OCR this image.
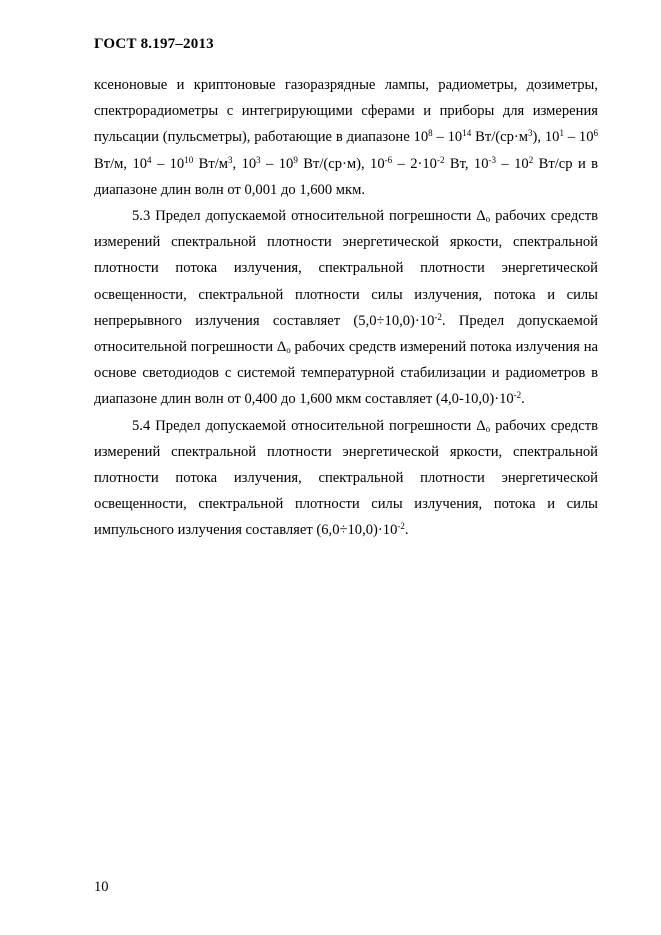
ГОСТ 8.197–2013

ксеноновые и криптоновые газоразрядные лампы, радиометры, дозиметры, спектрорадиометры с интегрирующими сферами и приборы для измерения пульсации (пульсметры), работающие в диапазоне $10^8 - 10^{14}$ $Вт/(ср\cdot м^3)$, $10^1 - 10^6$ Вт/м, $10^4 - 10^{10}$ $Вт/м^3$, $10^3 - 10^9$ Вт/(ср·м), $10^{-6} - 2\cdot 10^{-2}$ Вт, $10^{-3} - 10^2$ Вт/ср и в диапазоне длин волн от 0,001 до 1,600 мкм.

5.3 Предел допускаемой относительной погрешности $\Delta_о$ рабочих средств измерений спектральной плотности энергетической яркости, спектральной плотности потока излучения, спектральной плотности энергетической освещенности, спектральной плотности силы излучения, потока и силы непрерывного излучения составляет $(5,0\div 10,0)\cdot 10^{-2}$. Предел допускаемой относительной погрешности $\Delta_о$ рабочих средств измерений потока излучения на основе светодиодов с системой температурной стабилизации и радиометров в диапазоне длин волн от 0,400 до 1,600 мкм составляет $(4,0-10,0)\cdot 10^{-2}$.

5.4 Предел допускаемой относительной погрешности $\Delta_о$ рабочих средств измерений спектральной плотности энергетической яркости, спектральной плотности потока излучения, спектральной плотности энергетической освещенности, спектральной плотности силы излучения, потока и силы импульсного излучения составляет $(6,0\div 10,0)\cdot 10^{-2}$.

10
